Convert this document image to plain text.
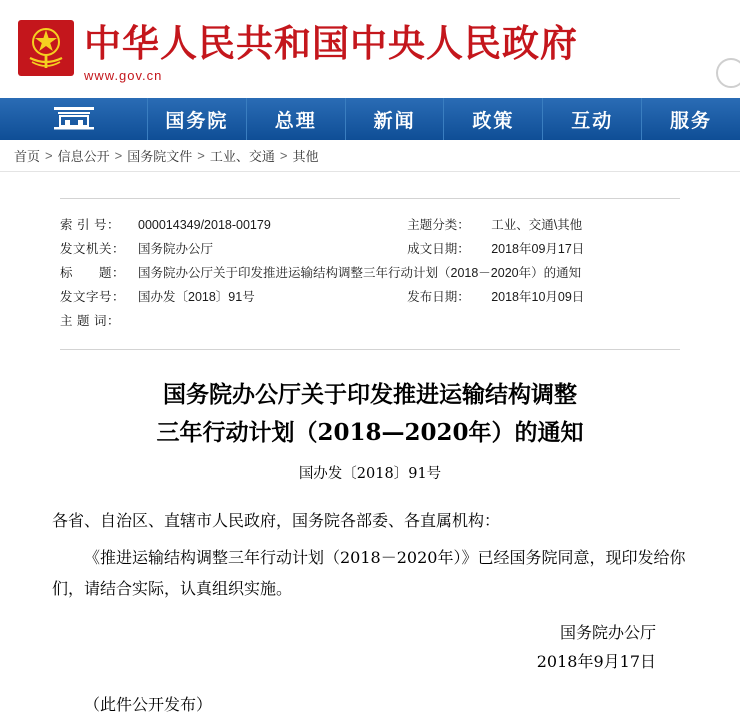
中华人民共和国中央人民政府
www.gov.cn
国务院	总理	新闻	政策	互动	服务
首页 > 信息公开 > 国务院文件 > 工业、交通 > 其他
索 引 号：	000014349/2018-00179	主题分类：	工业、交通\其他
发文机关：	国务院办公厅	成文日期：	2018年09月17日
标　　题：	国务院办公厅关于印发推进运输结构调整三年行动计划（2018－2020年）的通知		
发文字号：	国办发〔2018〕91号	发布日期：	2018年10月09日
主 题 词：			
国务院办公厅关于印发推进运输结构调整
三年行动计划（2018—2020年）的通知
国办发〔2018〕91号
各省、自治区、直辖市人民政府，国务院各部委、各直属机构：
《推进运输结构调整三年行动计划（2018－2020年）》已经国务院同意，现印发给你们，请结合实际，认真组织实施。
国务院办公厅
2018年9月17日
（此件公开发布）
